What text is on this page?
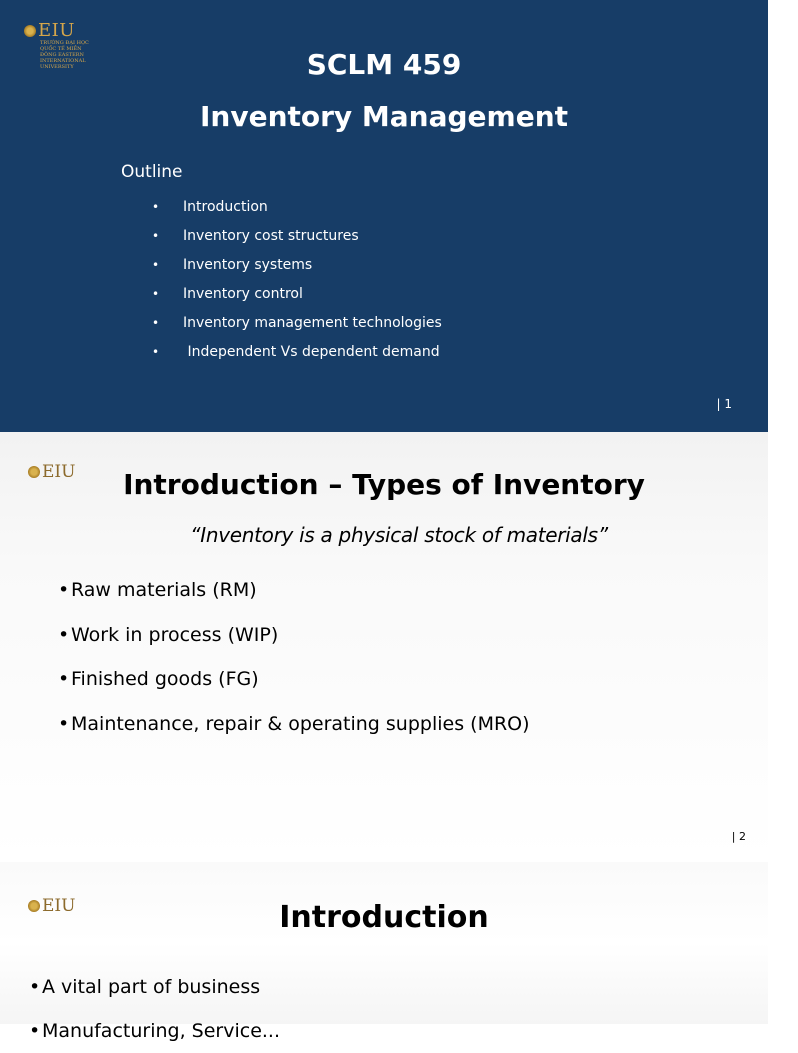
EIU
TRƯỜNG ĐẠI HỌC QUỐC TẾ MIỀN ĐÔNG EASTERN INTERNATIONAL UNIVERSITY	SCLM 459
Inventory Management
Outline
•	Introduction
•	Inventory cost structures
•	Inventory systems
•	Inventory control
•	Inventory management technologies
•	Independent Vs dependent demand
| 1
EIU	Introduction – Types of Inventory
“Inventory is a physical stock of materials”
• Raw materials (RM)
• Work in process (WIP)
• Finished goods (FG)
• Maintenance, repair & operating supplies (MRO)
| 2
EIU	Introduction
• A vital part of business
• Manufacturing, Service...
